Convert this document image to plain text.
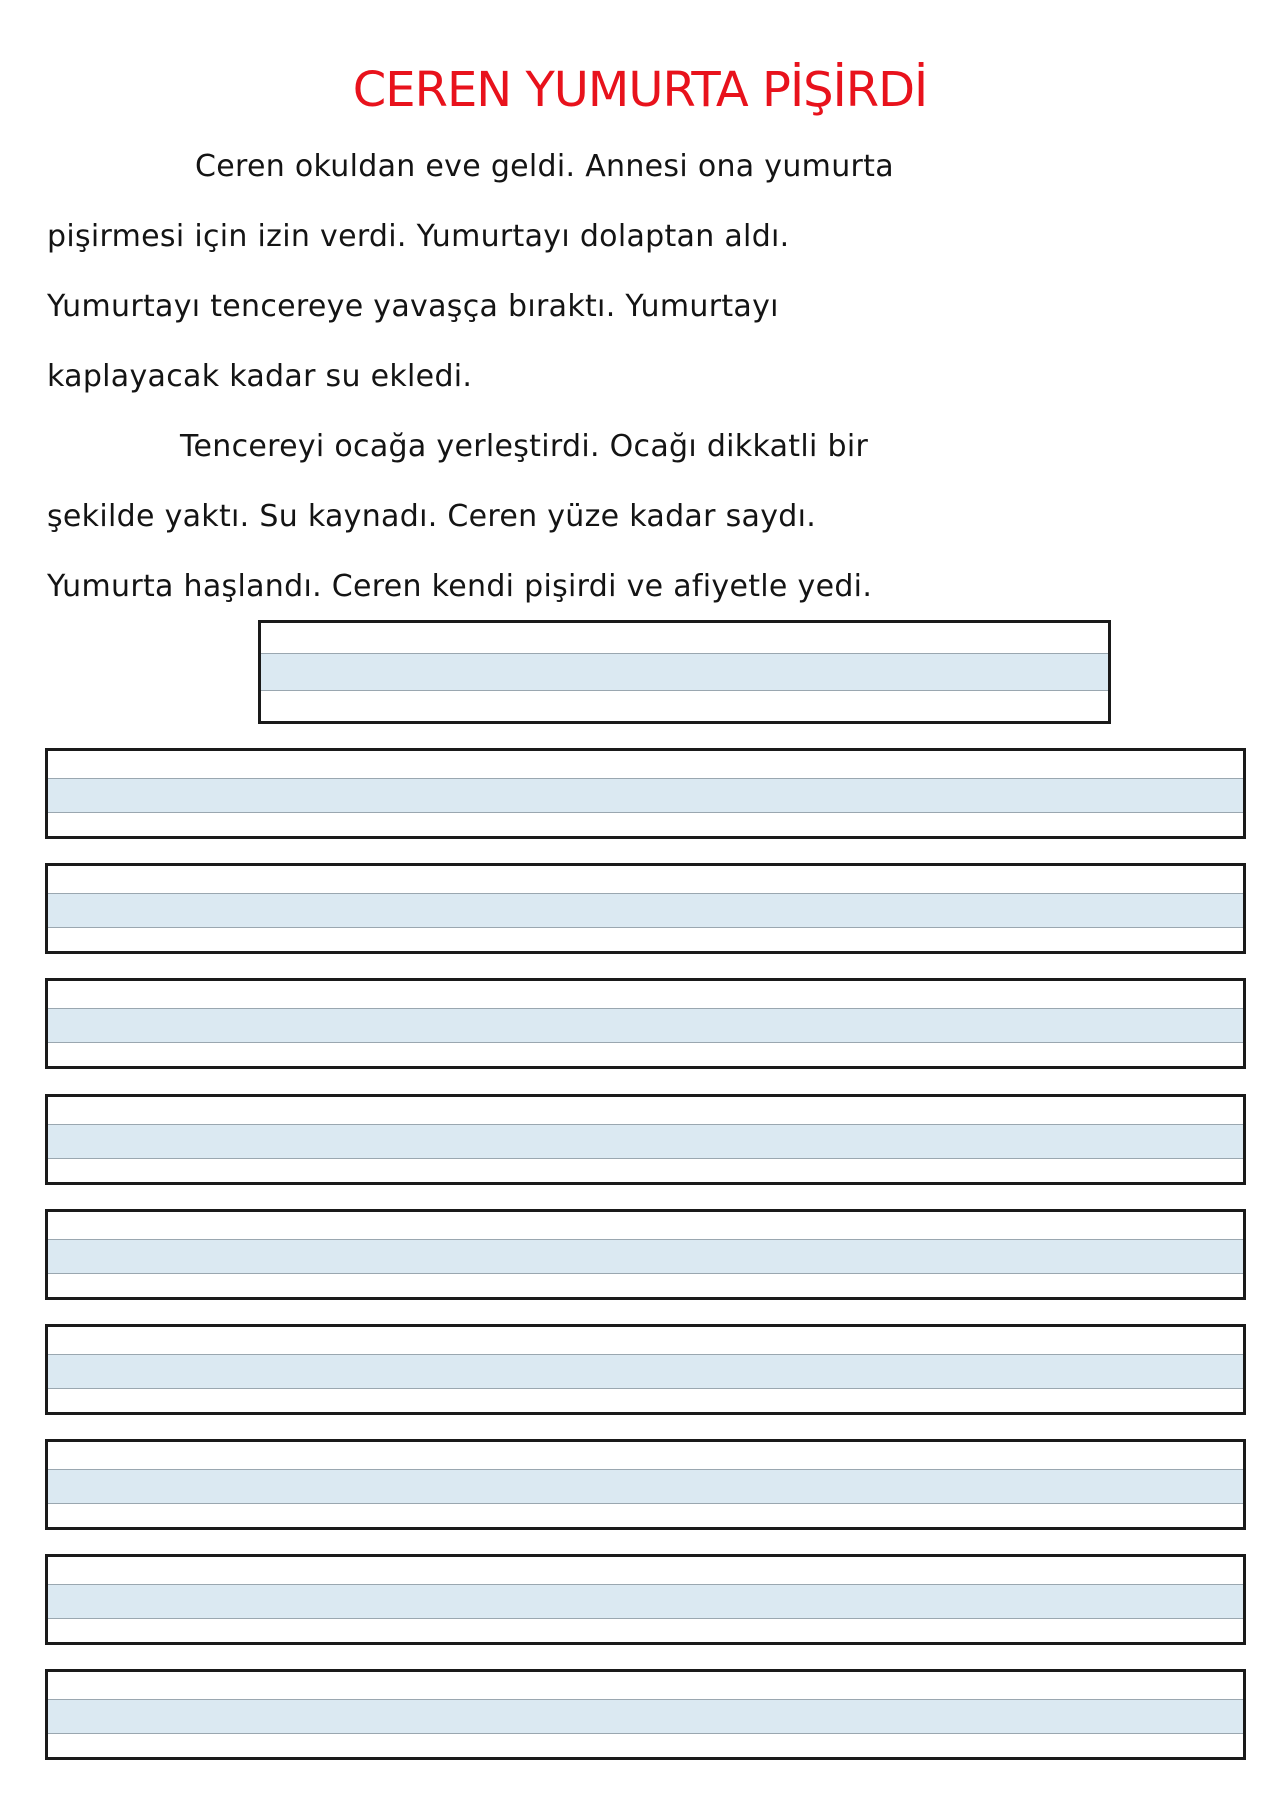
CEREN YUMURTA PİŞİRDİ

Ceren okuldan eve geldi. Annesi ona yumurta
pişirmesi için izin verdi. Yumurtayı dolaptan aldı.
Yumurtayı tencereye yavaşça bıraktı. Yumurtayı
kaplayacak kadar su ekledi.

Tencereyi ocağa yerleştirdi. Ocağı dikkatli bir
şekilde yaktı. Su kaynadı. Ceren yüze kadar saydı.
Yumurta haşlandı. Ceren kendi pişirdi ve afiyetle yedi.
